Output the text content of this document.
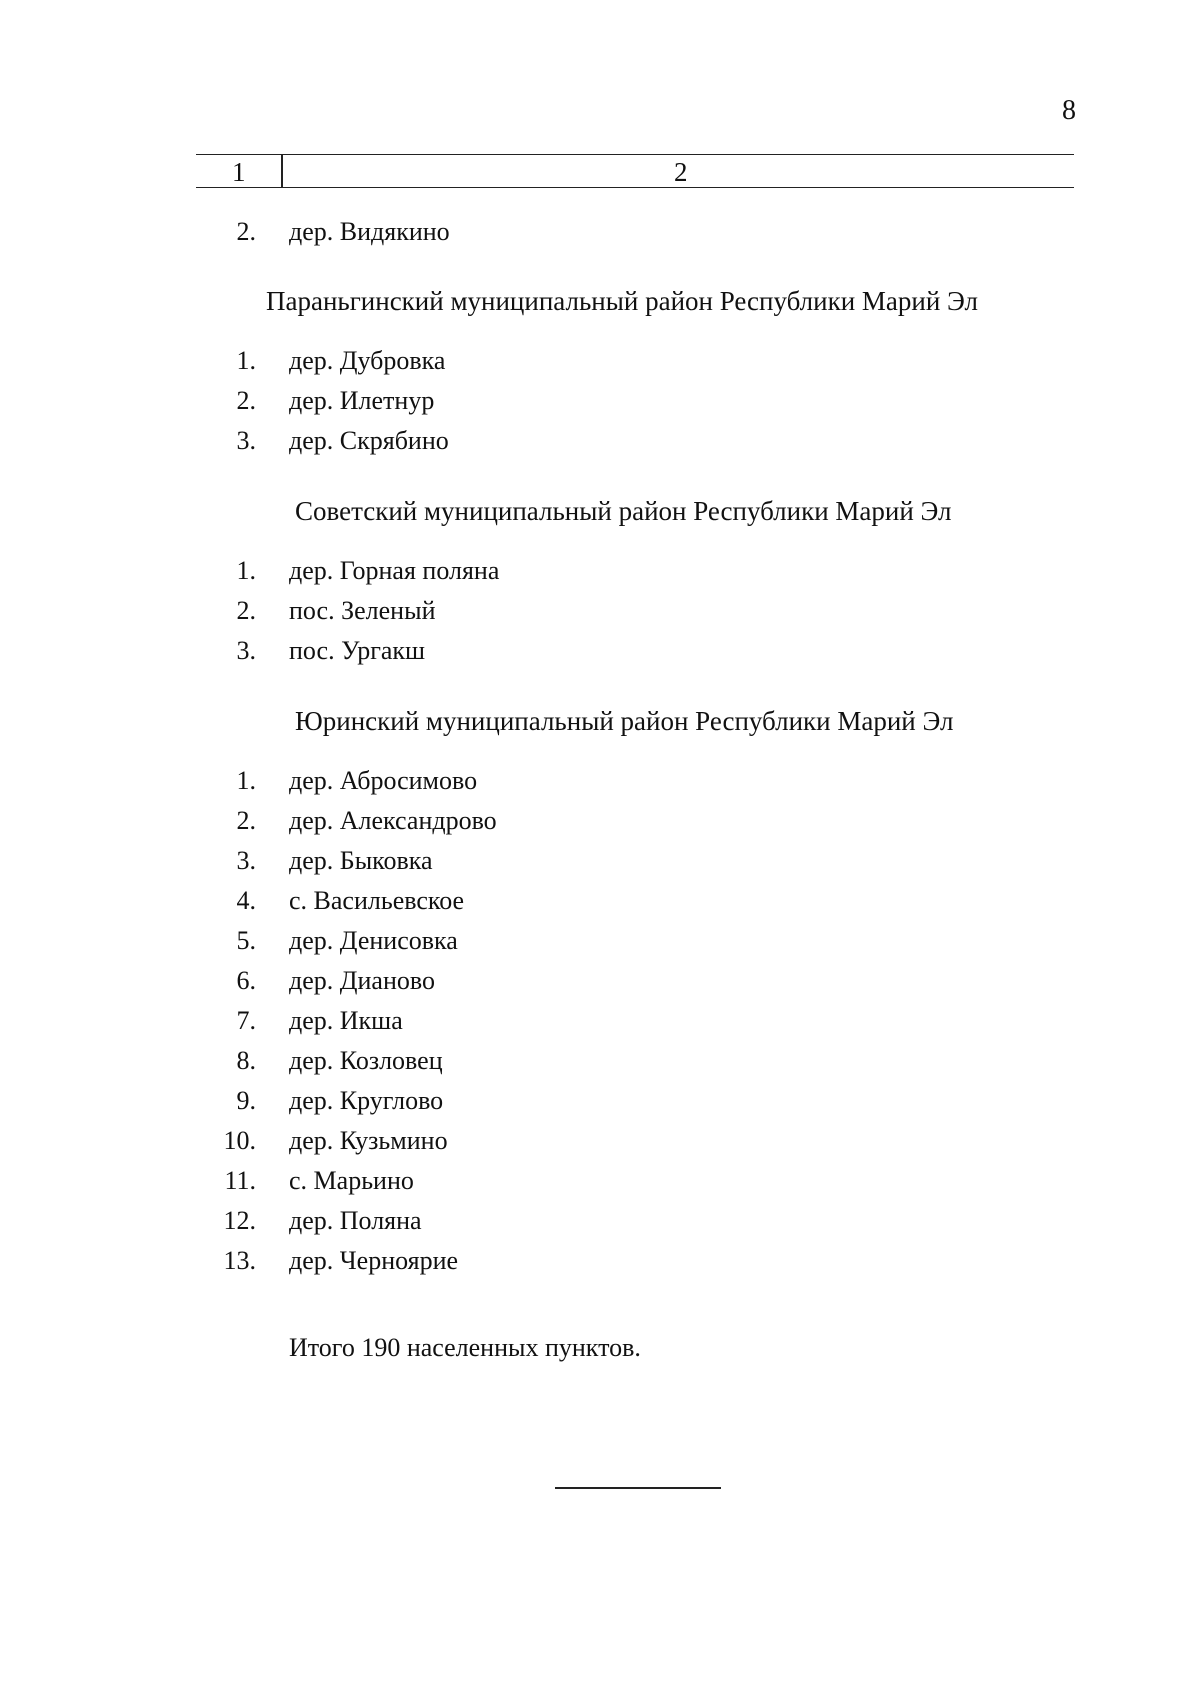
8
1	2
2. дер. Видякино
Параньгинский муниципальный район Республики Марий Эл
1. дер. Дубровка
2. дер. Илетнур
3. дер. Скрябино
Советский муниципальный район Республики Марий Эл
1. дер. Горная поляна
2. пос. Зеленый
3. пос. Ургакш
Юринский муниципальный район Республики Марий Эл
1. дер. Абросимово
2. дер. Александрово
3. дер. Быковка
4. с. Васильевское
5. дер. Денисовка
6. дер. Дианово
7. дер. Икша
8. дер. Козловец
9. дер. Круглово
10. дер. Кузьмино
11. с. Марьино
12. дер. Поляна
13. дер. Черноярие
Итого 190 населенных пунктов.
